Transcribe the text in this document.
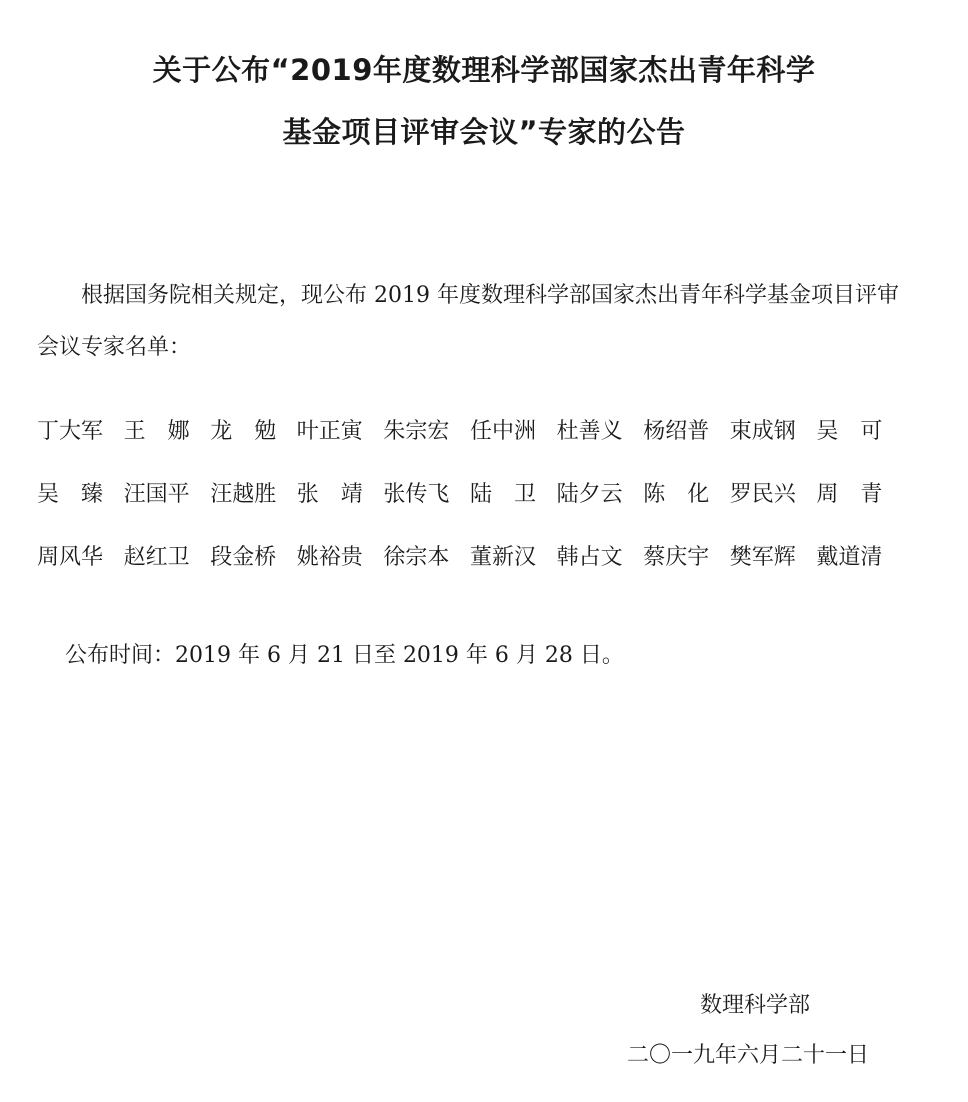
关于公布“2019年度数理科学部国家杰出青年科学
基金项目评审会议”专家的公告

根据国务院相关规定，现公布 2019 年度数理科学部国家杰出青年科学基金项目评审会议专家名单：

丁大军 王　娜 龙　勉 叶正寅 朱宗宏 任中洲 杜善义 杨绍普 束成钢 吴　可
吴　臻 汪国平 汪越胜 张　靖 张传飞 陆　卫 陆夕云 陈　化 罗民兴 周　青
周风华 赵红卫 段金桥 姚裕贵 徐宗本 董新汉 韩占文 蔡庆宇 樊军辉 戴道清

公布时间：2019 年 6 月 21 日至 2019 年 6 月 28 日。

数理科学部

二〇一九年六月二十一日
